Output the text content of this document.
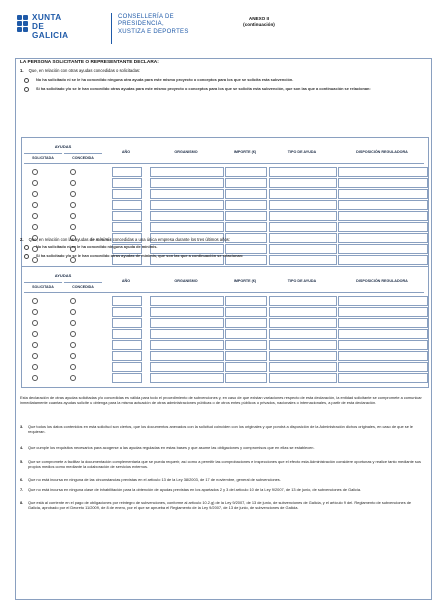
XUNTA
DE GALICIA
CONSELLERÍA DE
PRESIDENCIA,
XUSTIZA E DEPORTES
ANEXO II
(continuación)
LA PERSONA SOLICITANTE O REPRESENTANTE DECLARA:
1. Que, en relación con otras ayudas concedidas o solicitadas:
No ha solicitado ni se le ha concedido ninguna otra ayuda para este mismo proyecto o conceptos para los que se solicita esta subvención.
Sí ha solicitado y/o se le han concedido otras ayudas para este mismo proyecto o conceptos para los que se solicita esta subvención, que son las que a continuación se relacionan:
AYUDAS
SOLICITADA	CONCEDIDA
AÑO	ORGANISMO	IMPORTE (€)	TIPO DE AYUDA	DISPOSICIÓN REGULADORA
2. Que, en relación con las ayudas de mínimis concedidas a una única empresa durante los tres últimos años:
No ha solicitado ni se le ha concedido ninguna ayuda de mínimis.
Sí ha solicitado y/o se le han concedido otras ayudas de mínimis, que son las que a continuación se relacionan:
AYUDAS
SOLICITADA	CONCEDIDA
AÑO	ORGANISMO	IMPORTE (€)	TIPO DE AYUDA	DISPOSICIÓN REGULADORA
Esta declaración de otras ayudas solicitadas y/o concedidas es válida para todo el procedimiento de subvenciones y, en caso de que existan variaciones respecto de esta declaración, la entidad solicitante se compromete a comunicar inmediatamente cuantas ayudas solicite u obtenga para la misma actuación de otras administraciones públicas o de otros entes públicos o privados, nacionales o internacionales, a partir de esta declaración.
3. Que todos los datos contenidos en esta solicitud son ciertos, que los documentos anexados con la solicitud coinciden con los originales y que pondrá a disposición de la Administración dichos originales, en caso de que se le requieran.
4. Que cumple los requisitos necesarios para acogerse a las ayudas reguladas en estas bases y que asume las obligaciones y compromisos que en ellas se establecen.
5. Que se compromete a facilitar la documentación complementaria que se pueda requerir, así como a permitir las comprobaciones e inspecciones que el efecto esta Administración considere oportunas y realice tanto mediante sus propios medios como mediante la colaboración de servicios externos.
6. Que no está incursa en ninguna de las circunstancias previstas en el artículo 13 de la Ley 38/2003, de 17 de noviembre, general de subvenciones.
7. Que no está incursa en ninguna clase de inhabilitación para la obtención de ayudas previstas en los apartados 2 y 3 del artículo 10 de la Ley 9/2007, de 13 de junio, de subvenciones de Galicia.
8. Que está al corriente en el pago de obligaciones por reintegro de subvenciones, conforme al artículo 10.2.g) de la Ley 9/2007, de 13 de junio, de subvenciones de Galicia, y el artículo 9 del. Reglamento de subvenciones de Galicia, aprobado por el Decreto 11/2009, de 8 de enero, por el que se aprueba el Reglamento de la Ley 9/2007, de 13 de junio, de subvenciones de Galicia.
